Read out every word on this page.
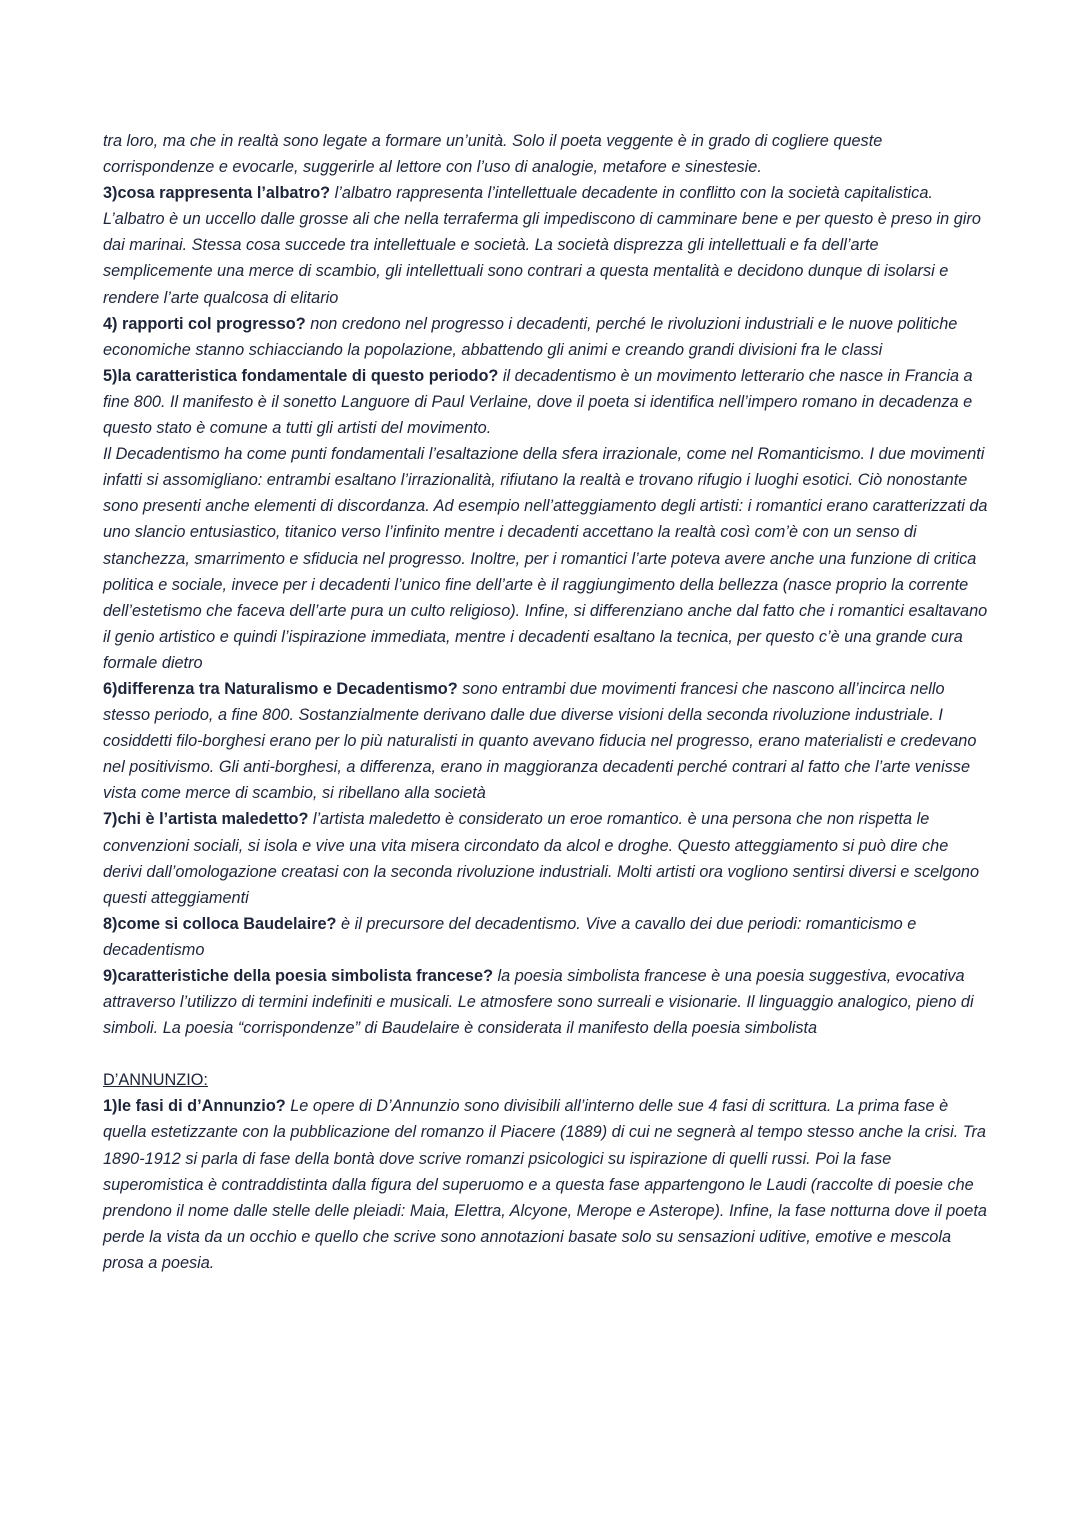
tra loro, ma che in realtà sono legate a formare un’unità. Solo il poeta veggente è in grado di cogliere queste corrispondenze e evocarle, suggerirle al lettore con l’uso di analogie, metafore e sinestesie.

3)cosa rappresenta l’albatro? l’albatro rappresenta l’intellettuale decadente in conflitto con la società capitalistica. L’albatro è un uccello dalle grosse ali che nella terraferma gli impediscono di camminare bene e per questo è preso in giro dai marinai. Stessa cosa succede tra intellettuale e società. La società disprezza gli intellettuali e fa dell’arte semplicemente una merce di scambio, gli intellettuali sono contrari a questa mentalità e decidono dunque di isolarsi e rendere l’arte qualcosa di elitario

4) rapporti col progresso? non credono nel progresso i decadenti, perché le rivoluzioni industriali e le nuove politiche economiche stanno schiacciando la popolazione, abbattendo gli animi e creando grandi divisioni fra le classi

5)la caratteristica fondamentale di questo periodo? il decadentismo è un movimento letterario che nasce in Francia a fine 800. Il manifesto è il sonetto Languore di Paul Verlaine, dove il poeta si identifica nell’impero romano in decadenza e questo stato è comune a tutti gli artisti del movimento.

Il Decadentismo ha come punti fondamentali l’esaltazione della sfera irrazionale, come nel Romanticismo. I due movimenti infatti si assomigliano: entrambi esaltano l’irrazionalità, rifiutano la realtà e trovano rifugio i luoghi esotici. Ciò nonostante sono presenti anche elementi di discordanza. Ad esempio nell’atteggiamento degli artisti: i romantici erano caratterizzati da uno slancio entusiastico, titanico verso l’infinito mentre i decadenti accettano la realtà così com’è con un senso di stanchezza, smarrimento e sfiducia nel progresso. Inoltre, per i romantici l’arte poteva avere anche una funzione di critica politica e sociale, invece per i decadenti l’unico fine dell’arte è il raggiungimento della bellezza (nasce proprio la corrente dell’estetismo che faceva dell’arte pura un culto religioso). Infine, si differenziano anche dal fatto che i romantici esaltavano il genio artistico e quindi l’ispirazione immediata, mentre i decadenti esaltano la tecnica, per questo c’è una grande cura formale dietro

6)differenza tra Naturalismo e Decadentismo? sono entrambi due movimenti francesi che nascono all’incirca nello stesso periodo, a fine 800. Sostanzialmente derivano dalle due diverse visioni della seconda rivoluzione industriale. I cosiddetti filo-borghesi erano per lo più naturalisti in quanto avevano fiducia nel progresso, erano materialisti e credevano nel positivismo. Gli anti-borghesi, a differenza, erano in maggioranza decadenti perché contrari al fatto che l’arte venisse vista come merce di scambio, si ribellano alla società

7)chi è l’artista maledetto? l’artista maledetto è considerato un eroe romantico. è una persona che non rispetta le convenzioni sociali, si isola e vive una vita misera circondato da alcol e droghe. Questo atteggiamento si può dire che derivi dall’omologazione creatasi con la seconda rivoluzione industriali. Molti artisti ora vogliono sentirsi diversi e scelgono questi atteggiamenti

8)come si colloca Baudelaire? è il precursore del decadentismo. Vive a cavallo dei due periodi: romanticismo e decadentismo

9)caratteristiche della poesia simbolista francese? la poesia simbolista francese è una poesia suggestiva, evocativa attraverso l’utilizzo di termini indefiniti e musicali. Le atmosfere sono surreali e visionarie. Il linguaggio analogico, pieno di simboli. La poesia “corrispondenze” di Baudelaire è considerata il manifesto della poesia simbolista

D’ANNUNZIO:

1)le fasi di d’Annunzio? Le opere di D’Annunzio sono divisibili all’interno delle sue 4 fasi di scrittura. La prima fase è quella estetizzante con la pubblicazione del romanzo il Piacere (1889) di cui ne segnerà al tempo stesso anche la crisi. Tra 1890-1912 si parla di fase della bontà dove scrive romanzi psicologici su ispirazione di quelli russi. Poi la fase superomistica è contraddistinta dalla figura del superuomo e a questa fase appartengono le Laudi (raccolte di poesie che prendono il nome dalle stelle delle pleiadi: Maia, Elettra, Alcyone, Merope e Asterope). Infine, la fase notturna dove il poeta perde la vista da un occhio e quello che scrive sono annotazioni basate solo su sensazioni uditive, emotive e mescola prosa a poesia.
